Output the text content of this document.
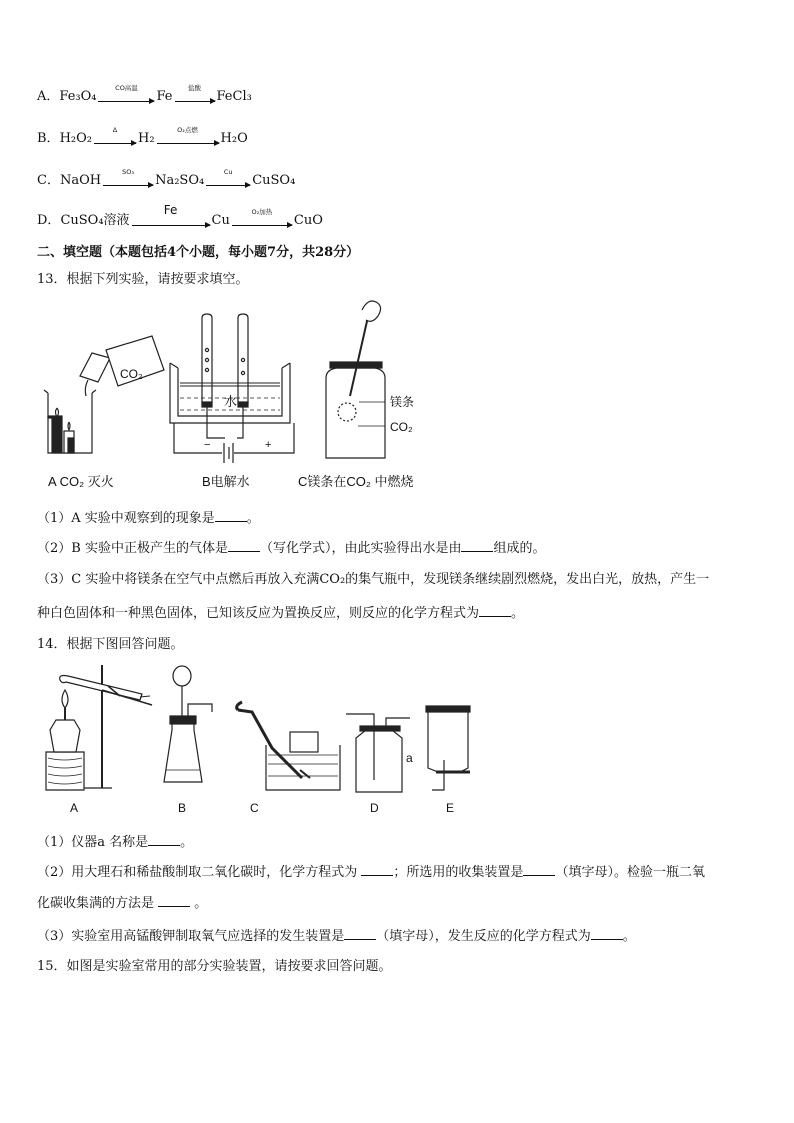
A．Fe₃O₄
CO高温
Fe
盐酸
FeCl₃
B．H₂O₂
Δ
H₂
O₂点燃
H₂O
C．NaOH
SO₃
Na₂SO₄
Cu
CuSO₄
D．CuSO₄溶液
Fe
Cu
O₂加热
CuO
二、填空题（本题包括4个小题，每小题7分，共28分）
13．根据下列实验，请按要求填空。
CO₂
A CO₂ 灭火
水
−	+
B电解水
镁条
CO₂
C镁条在CO₂ 中燃烧
（1）A 实验中观察到的现象是 。
（2）B 实验中正极产生的气体是 （写化学式），由此实验得出水是由 组成的。
（3）C 实验中将镁条在空气中点燃后再放入充满CO₂的集气瓶中，发现镁条继续剧烈燃烧，发出白光，放热，产生一
种白色固体和一种黑色固体，已知该反应为置换反应，则反应的化学方程式为 。
14．根据下图回答问题。
A	B	C
a
D	E
（1）仪器a 名称是 。
（2）用大理石和稀盐酸制取二氧化碳时，化学方程式为	；所选用的收集装置是 （填字母）。检验一瓶二氧
化碳收集满的方法是	。
（3）实验室用高锰酸钾制取氧气应选择的发生装置是 （填字母），发生反应的化学方程式为 。
15．如图是实验室常用的部分实验装置，请按要求回答问题。
